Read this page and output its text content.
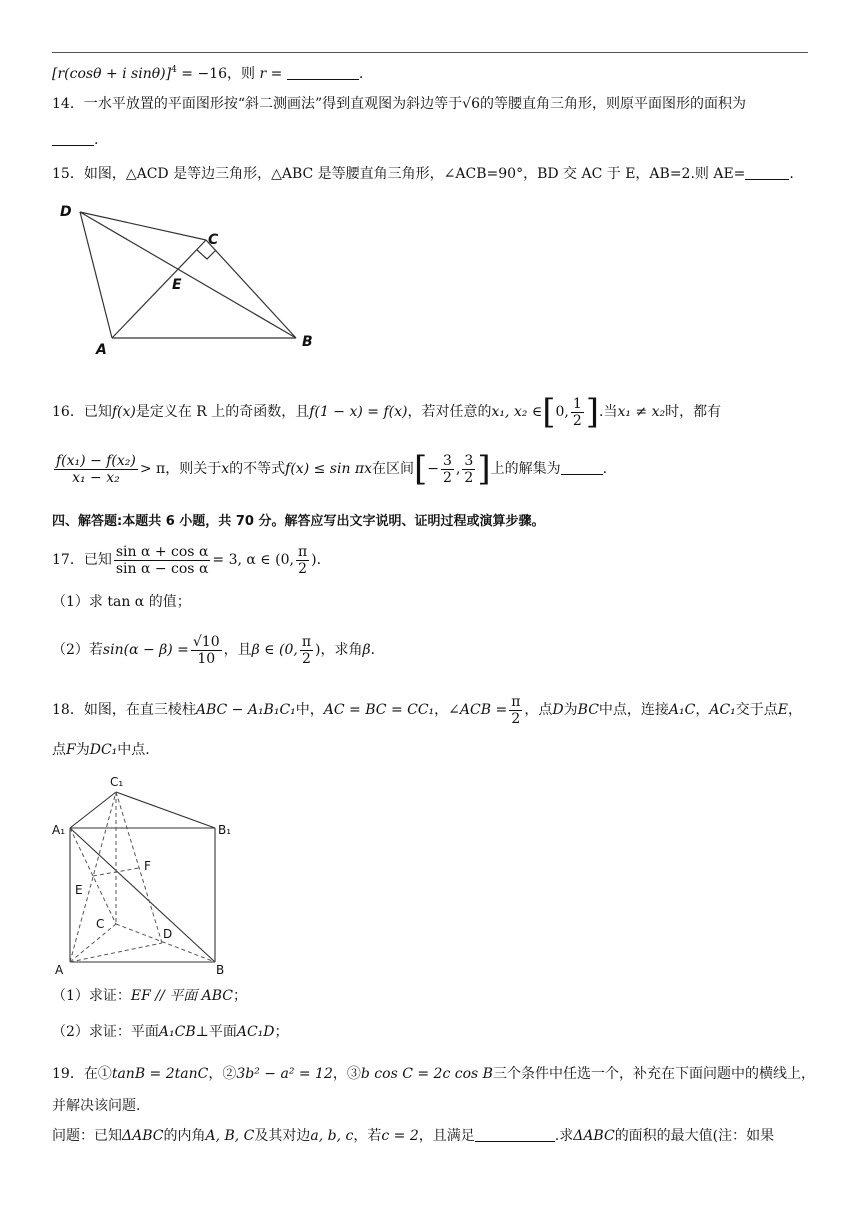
[r(cosθ + i sinθ)]$^4$ = −16，则 r =	.
14．一水平放置的平面图形按“斜二测画法”得到直观图为斜边等于√6的等腰直角三角形，则原平面图形的面积为
.
15．如图，△ACD 是等边三角形，△ABC 是等腰直角三角形，∠ACB=90°，BD 交 AC 于 E，AB=2.则 AE=	.
D
C
E
A	B
16．已知f(x)是定义在 R 上的奇函数，且f(1 − x) = f(x)，若对任意的x₁, x₂ ∈[0, $\frac{1}{2}$ ].当x₁ ≠ x₂时，都有
$\frac{\text{f(x₁) − f(x₂)}}{\text{x₁ − x₂}} > \pi$，则关于x的不等式f(x) ≤ sin πx在区间[− $\frac{3}{2}$ , $\frac{3}{2}$ ]上的解集为	.
四、解答题:本题共 6 小题，共 70 分。解答应写出文字说明、证明过程或演算步骤。
17．已知 $\frac{\text{sin α + cos α}}{\text{sin α − cos α}} = 3$, α ∈ (0, $\frac{\pi}{2}$ ).
（1）求 tan α 的值；
（2）若$\sin(\alpha - \beta) = \frac{√10}{10}$ ，且β ∈ (0, $\frac{\pi}{2}$ )，求角β.
18．如图，在直三棱柱ABC − A₁B₁C₁中，AC = BC = CC₁，∠ACB = $\frac{\pi}{2}$ ，点D为BC中点，连接A₁C，AC₁交于点E，
点F为DC₁中点.
C₁
A₁	B₁
F
E
C
D
A	B
（1）求证：EF // 平面 ABC；
（2）求证：平面A₁CB⊥平面AC₁D；
19．在①tanB = 2tanC，②3b² − a² = 12，③b cos C = 2c cos B三个条件中任选一个，补充在下面问题中的横线上，
并解决该问题.
问题：已知ΔABC的内角A, B, C及其对边a, b, c，若c = 2，且满足	.求ΔABC的面积的最大值(注：如果
